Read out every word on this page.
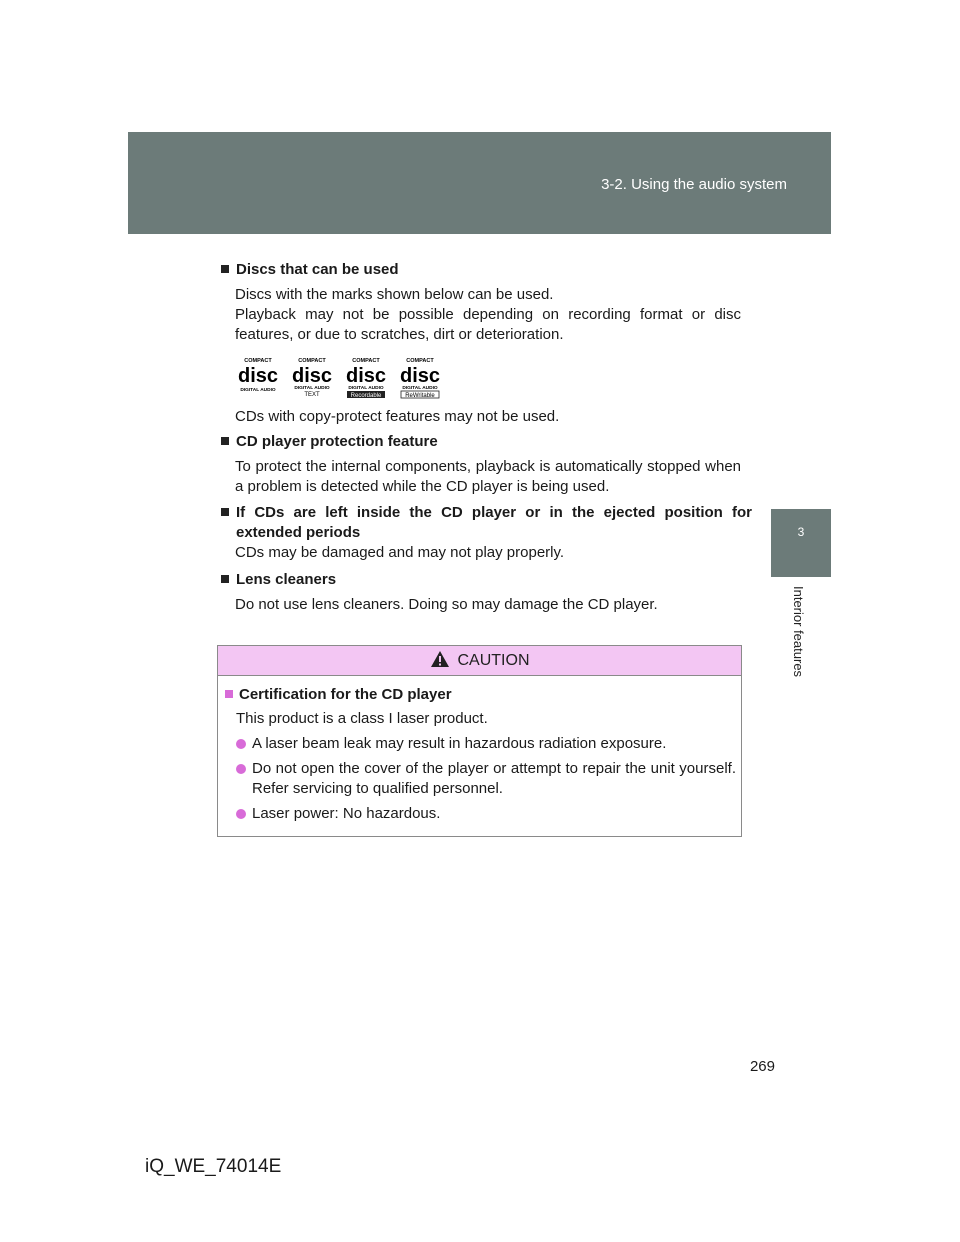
3-2. Using the audio system
3
Interior features
Discs that can be used
Discs with the marks shown below can be used.
Playback may not be possible depending on recording format or disc features, or due to scratches, dirt or deterioration.
COMPACT
disc
DIGITAL AUDIO
COMPACT
disc
DIGITAL AUDIO
TEXT
COMPACT
disc
DIGITAL AUDIO
Recordable
COMPACT
disc
DIGITAL AUDIO
ReWritable
CDs with copy-protect features may not be used.
CD player protection feature
To protect the internal components, playback is automatically stopped when a problem is detected while the CD player is being used.
If CDs are left inside the CD player or in the ejected position for extended periods
CDs may be damaged and may not play properly.
Lens cleaners
Do not use lens cleaners. Doing so may damage the CD player.
CAUTION
Certification for the CD player
This product is a class I laser product.
A laser beam leak may result in hazardous radiation exposure.
Do not open the cover of the player or attempt to repair the unit yourself. Refer servicing to qualified personnel.
Laser power: No hazardous.
269
iQ_WE_74014E
